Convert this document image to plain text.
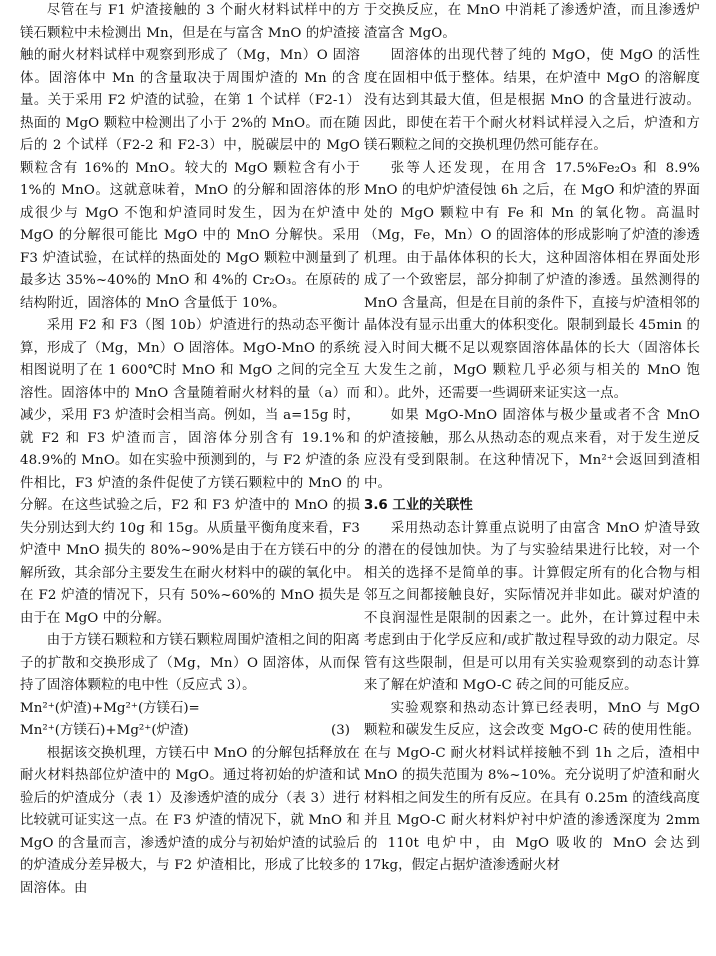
尽管在与 F1 炉渣接触的 3 个耐火材料试样中的方镁石颗粒中未检测出 Mn，但是在与富含 MnO 的炉渣接触的耐火材料试样中观察到形成了（Mg，Mn）O 固溶体。固溶体中 Mn 的含量取决于周围炉渣的 Mn 的含量。关于采用 F2 炉渣的试验，在第 1 个试样（F2-1）热面的 MgO 颗粒中检测出了小于 2%的 MnO。而在随后的 2 个试样（F2-2 和 F2-3）中，脱碳层中的 MgO 颗粒含有 16%的 MnO。较大的 MgO 颗粒含有小于 1%的 MnO。这就意味着，MnO 的分解和固溶体的形成很少与 MgO 不饱和炉渣同时发生，因为在炉渣中 MgO 的分解很可能比 MgO 中的 MnO 分解快。采用 F3 炉渣试验，在试样的热面处的 MgO 颗粒中测量到了最多达 35%~40%的 MnO 和 4%的 Cr₂O₃。在原砖的结构附近，固溶体的 MnO 含量低于 10%。

采用 F2 和 F3（图 10b）炉渣进行的热动态平衡计算，形成了（Mg，Mn）O 固溶体。MgO-MnO 的系统相图说明了在 1 600℃时 MnO 和 MgO 之间的完全互溶性。固溶体中的 MnO 含量随着耐火材料的量（a）而减少，采用 F3 炉渣时会相当高。例如，当 a=15g 时，就 F2 和 F3 炉渣而言，固溶体分别含有 19.1%和 48.9%的 MnO。如在实验中预测到的，与 F2 炉渣的条件相比，F3 炉渣的条件促使了方镁石颗粒中的 MnO 的分解。在这些试验之后，F2 和 F3 炉渣中的 MnO 的损失分别达到大约 10g 和 15g。从质量平衡角度来看，F3 炉渣中 MnO 损失的 80%~90%是由于在方镁石中的分解所致，其余部分主要发生在耐火材料中的碳的氧化中。在 F2 炉渣的情况下，只有 50%~60%的 MnO 损失是由于在 MgO 中的分解。

由于方镁石颗粒和方镁石颗粒周围炉渣相之间的阳离子的扩散和交换形成了（Mg，Mn）O 固溶体，从而保持了固溶体颗粒的电中性（反应式 3）。

Mn²⁺(炉渣)+Mg²⁺(方镁石)=
Mn²⁺(方镁石)+Mg²⁺(炉渣)	(3)

根据该交换机理，方镁石中 MnO 的分解包括释放在耐火材料热部位炉渣中的 MgO。通过将初始的炉渣和试验后的炉渣成分（表 1）及渗透炉渣的成分（表 3）进行比较就可证实这一点。在 F3 炉渣的情况下，就 MnO 和 MgO 的含量而言，渗透炉渣的成分与初始炉渣的试验后的炉渣成分差异极大，与 F2 炉渣相比，形成了比较多的固溶体。由

于交换反应，在 MnO 中消耗了渗透炉渣，而且渗透炉渣富含 MgO。

固溶体的出现代替了纯的 MgO，使 MgO 的活性度在固相中低于整体。结果，在炉渣中 MgO 的溶解度没有达到其最大值，但是根据 MnO 的含量进行波动。因此，即使在若干个耐火材料试样浸入之后，炉渣和方镁石颗粒之间的交换机理仍然可能存在。

张等人还发现，在用含 17.5%Fe₂O₃ 和 8.9% MnO 的电炉炉渣侵蚀 6h 之后，在 MgO 和炉渣的界面处的 MgO 颗粒中有 Fe 和 Mn 的氧化物。高温时（Mg，Fe，Mn）O 的固溶体的形成影响了炉渣的渗透机理。由于晶体体积的长大，这种固溶体相在界面处形成了一个致密层，部分抑制了炉渣的渗透。虽然测得的 MnO 含量高，但是在目前的条件下，直接与炉渣相邻的晶体没有显示出重大的体积变化。限制到最长 45min 的浸入时间大概不足以观察固溶体晶体的长大（固溶体长大发生之前，MgO 颗粒几乎必须与相关的 MnO 饱和）。此外，还需要一些调研来证实这一点。

如果 MgO-MnO 固溶体与极少量或者不含 MnO 的炉渣接触，那么从热动态的观点来看，对于发生逆反应没有受到限制。在这种情况下，Mn²⁺会返回到渣相中。

3.6 工业的关联性

采用热动态计算重点说明了由富含 MnO 炉渣导致的潜在的侵蚀加快。为了与实验结果进行比较，对一个相关的选择不是简单的事。计算假定所有的化合物与相邻互之间都接触良好，实际情况并非如此。碳对炉渣的不良润湿性是限制的因素之一。此外，在计算过程中未考虑到由于化学反应和/或扩散过程导致的动力限定。尽管有这些限制，但是可以用有关实验观察到的动态计算来了解在炉渣和 MgO-C 砖之间的可能反应。

实验观察和热动态计算已经表明，MnO 与 MgO 颗粒和碳发生反应，这会改变 MgO-C 砖的使用性能。在与 MgO-C 耐火材料试样接触不到 1h 之后，渣相中 MnO 的损失范围为 8%~10%。充分说明了炉渣和耐火材料相之间发生的所有反应。在具有 0.25m 的渣线高度并且 MgO-C 耐火材料炉衬中炉渣的渗透深度为 2mm 的 110t 电炉中，由 MgO 吸收的 MnO 会达到 17kg，假定占据炉渣渗透耐火材
